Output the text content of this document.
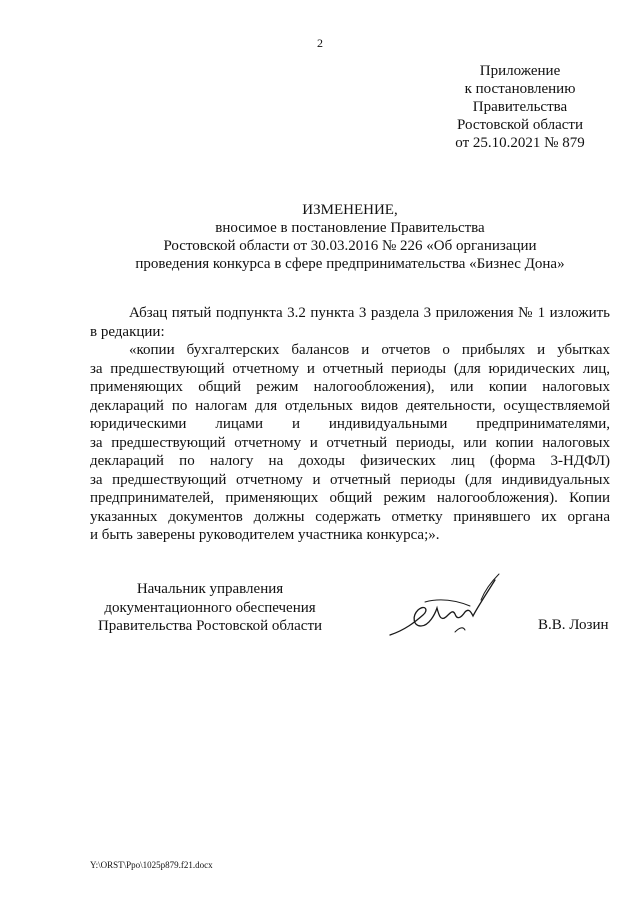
2
Приложение
к постановлению
Правительства
Ростовской области
от 25.10.2021 № 879
ИЗМЕНЕНИЕ,
вносимое в постановление Правительства
Ростовской области от 30.03.2016 № 226 «Об организации
проведения конкурса в сфере предпринимательства «Бизнес Дона»
Абзац пятый подпункта 3.2 пункта 3 раздела 3 приложения № 1 изложить
в редакции:
«копии бухгалтерских балансов и отчетов о прибылях и убытках
за предшествующий отчетному и отчетный периоды (для юридических лиц,
применяющих общий режим налогообложения), или копии налоговых
деклараций по налогам для отдельных видов деятельности, осуществляемой
юридическими лицами и индивидуальными предпринимателями,
за предшествующий отчетному и отчетный периоды, или копии налоговых
деклараций по налогу на доходы физических лиц (форма 3-НДФЛ)
за предшествующий отчетному и отчетный периоды (для индивидуальных
предпринимателей, применяющих общий режим налогообложения). Копии
указанных документов должны содержать отметку принявшего их органа
и быть заверены руководителем участника конкурса;».
Начальник управления
документационного обеспечения
Правительства Ростовской области	В.В. Лозин
Y:\ORST\Ppo\1025p879.f21.docx
